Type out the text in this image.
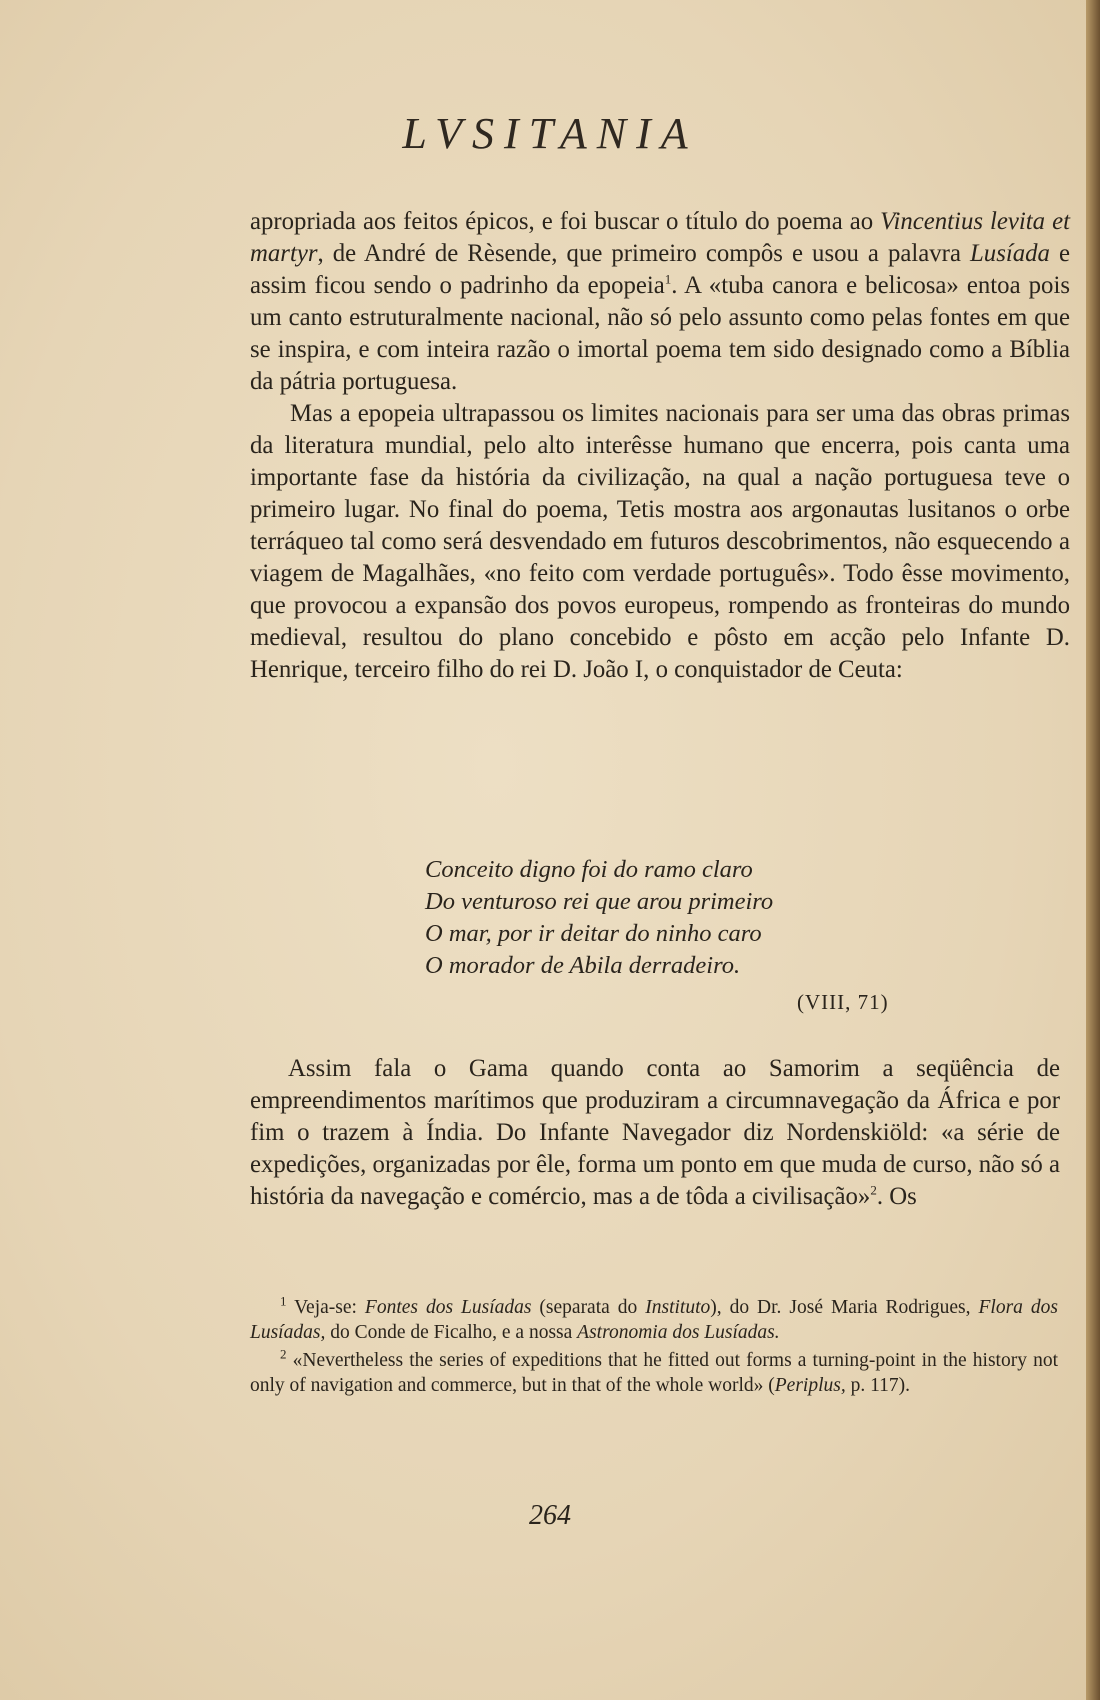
LVSITANIA

apropriada aos feitos épicos, e foi buscar o título do poema ao Vincentius levita et martyr, de André de Rèsende, que primeiro compôs e usou a palavra Lusíada e assim ficou sendo o padrinho da epopeia$^1$. A «tuba canora e belicosa» entoa pois um canto estruturalmente nacional, não só pelo assunto como pelas fontes em que se inspira, e com inteira razão o imortal poema tem sido designado como a Bíblia da pátria portuguesa.

Mas a epopeia ultrapassou os limites nacionais para ser uma das obras primas da literatura mundial, pelo alto interêsse humano que encerra, pois canta uma importante fase da história da civilização, na qual a nação portuguesa teve o primeiro lugar. No final do poema, Tetis mostra aos argonautas lusitanos o orbe terráqueo tal como será desvendado em futuros descobrimentos, não esquecendo a viagem de Magalhães, «no feito com verdade português». Todo êsse movimento, que provocou a expansão dos povos europeus, rompendo as fronteiras do mundo medieval, resultou do plano concebido e pôsto em acção pelo Infante D. Henrique, terceiro filho do rei D. João I, o conquistador de Ceuta:

Conceito digno foi do ramo claro
Do venturoso rei que arou primeiro
O mar, por ir deitar do ninho caro
O morador de Abila derradeiro.
(VIII, 71)
Assim fala o Gama quando conta ao Samorim a seqüência de empreendimentos marítimos que produziram a circumnavegação da África e por fim o trazem à Índia. Do Infante Navegador diz Nordenskiöld: «a série de expedições, organizadas por êle, forma um ponto em que muda de curso, não só a história da navegação e comércio, mas a de tôda a civilisação»$^2$. Os

$^1$ Veja-se: Fontes dos Lusíadas (separata do Instituto), do Dr. José Maria Rodrigues, Flora dos Lusíadas, do Conde de Ficalho, e a nossa Astronomia dos Lusíadas.

$^2$ «Nevertheless the series of expeditions that he fitted out forms a turning-point in the history not only of navigation and commerce, but in that of the whole world» (Periplus, p. 117).

264
